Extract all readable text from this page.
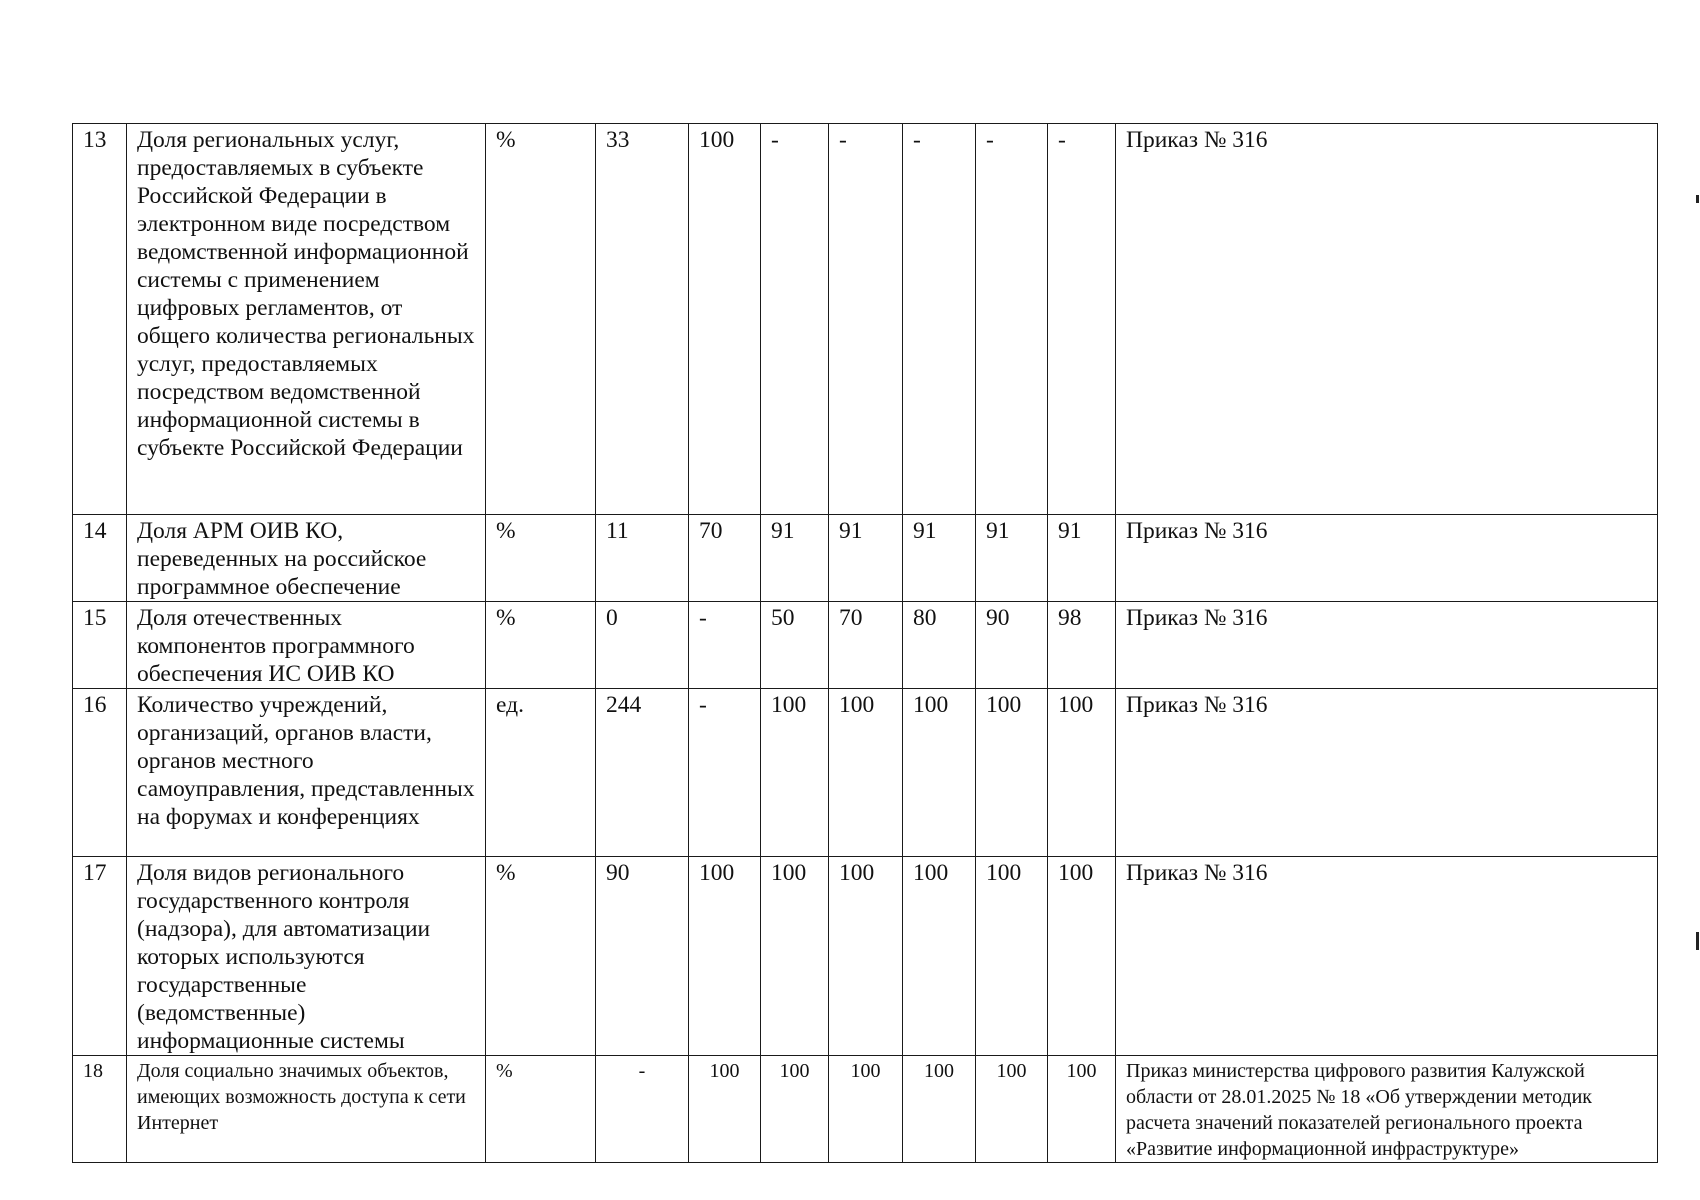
13	Доля региональных услуг, предоставляемых в субъекте Российской Федерации в электронном виде посредством ведомственной информационной системы с применением цифровых регламентов, от общего количества региональных услуг, предоставляемых посредством ведомственной информационной системы в субъекте Российской Федерации	%	33	100	-	-	-	-	-	Приказ № 316
14	Доля АРМ ОИВ КО, переведенных на российское программное обеспечение	%	11	70	91	91	91	91	91	Приказ № 316
15	Доля отечественных компонентов программного обеспечения ИС ОИВ КО	%	0	-	50	70	80	90	98	Приказ № 316
16	Количество учреждений, организаций, органов власти, органов местного самоуправления, представленных на форумах и конференциях	ед.	244	-	100	100	100	100	100	Приказ № 316
17	Доля видов регионального государственного контроля (надзора), для автоматизации которых используются государственные (ведомственные) информационные системы	%	90	100	100	100	100	100	100	Приказ № 316
18	Доля социально значимых объектов, имеющих возможность доступа к сети Интернет	%	-	100	100	100	100	100	100	Приказ министерства цифрового развития Калужской области от 28.01.2025 № 18 «Об утверждении методик расчета значений показателей регионального проекта «Развитие информационной инфраструктуре»
